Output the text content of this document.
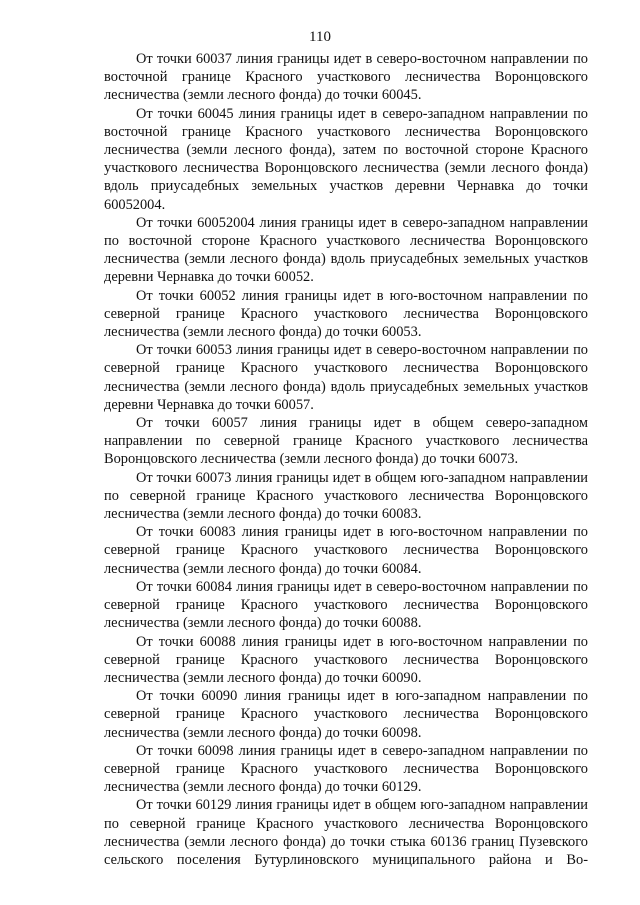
110

От точки 60037 линия границы идет в северо-восточном направлении по восточной границе Красного участкового лесничества Воронцовского лесничества (земли лесного фонда) до точки 60045.

От точки 60045 линия границы идет в северо-западном направлении по восточной границе Красного участкового лесничества Воронцовского лесничества (земли лесного фонда), затем по восточной стороне Красного участкового лесничества Воронцовского лесничества (земли лесного фонда) вдоль приусадебных земельных участков деревни Чернавка до точки 60052004.

От точки 60052004 линия границы идет в северо-западном направлении по восточной стороне Красного участкового лесничества Воронцовского лесничества (земли лесного фонда) вдоль приусадебных земельных участков деревни Чернавка до точки 60052.

От точки 60052 линия границы идет в юго-восточном направлении по северной границе Красного участкового лесничества Воронцовского лесничества (земли лесного фонда) до точки 60053.

От точки 60053 линия границы идет в северо-восточном направлении по северной границе Красного участкового лесничества Воронцовского лесничества (земли лесного фонда) вдоль приусадебных земельных участков деревни Чернавка до точки 60057.

От точки 60057 линия границы идет в общем северо-западном направлении по северной границе Красного участкового лесничества Воронцовского лесничества (земли лесного фонда) до точки 60073.

От точки 60073 линия границы идет в общем юго-западном направлении по северной границе Красного участкового лесничества Воронцовского лесничества (земли лесного фонда) до точки 60083.

От точки 60083 линия границы идет в юго-восточном направлении по северной границе Красного участкового лесничества Воронцовского лесничества (земли лесного фонда) до точки 60084.

От точки 60084 линия границы идет в северо-восточном направлении по северной границе Красного участкового лесничества Воронцовского лесничества (земли лесного фонда) до точки 60088.

От точки 60088 линия границы идет в юго-восточном направлении по северной границе Красного участкового лесничества Воронцовского лесничества (земли лесного фонда) до точки 60090.

От точки 60090 линия границы идет в юго-западном направлении по северной границе Красного участкового лесничества Воронцовского лесничества (земли лесного фонда) до точки 60098.

От точки 60098 линия границы идет в северо-западном направлении по северной границе Красного участкового лесничества Воронцовского лесничества (земли лесного фонда) до точки 60129.

От точки 60129 линия границы идет в общем юго-западном направлении по северной границе Красного участкового лесничества Воронцовского лесничества (земли лесного фонда) до точки стыка 60136 границ Пузевского сельского поселения Бутурлиновского муниципального района и Во-
